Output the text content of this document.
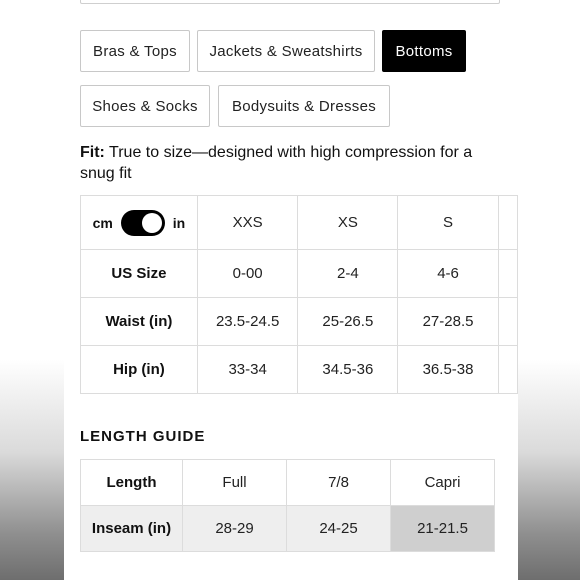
Bras & Tops	Jackets & Sweatshirts	Bottoms
Shoes & Socks	Bodysuits & Dresses
Fit: True to size—designed with high compression for a snug fit
cm in	XXS	XS	S	
US Size	0-00	2-4	4-6	
Waist (in)	23.5-24.5	25-26.5	27-28.5	
Hip (in)	33-34	34.5-36	36.5-38	
LENGTH GUIDE
Length	Full	7/8	Capri
Inseam (in)	28-29	24-25	21-21.5
